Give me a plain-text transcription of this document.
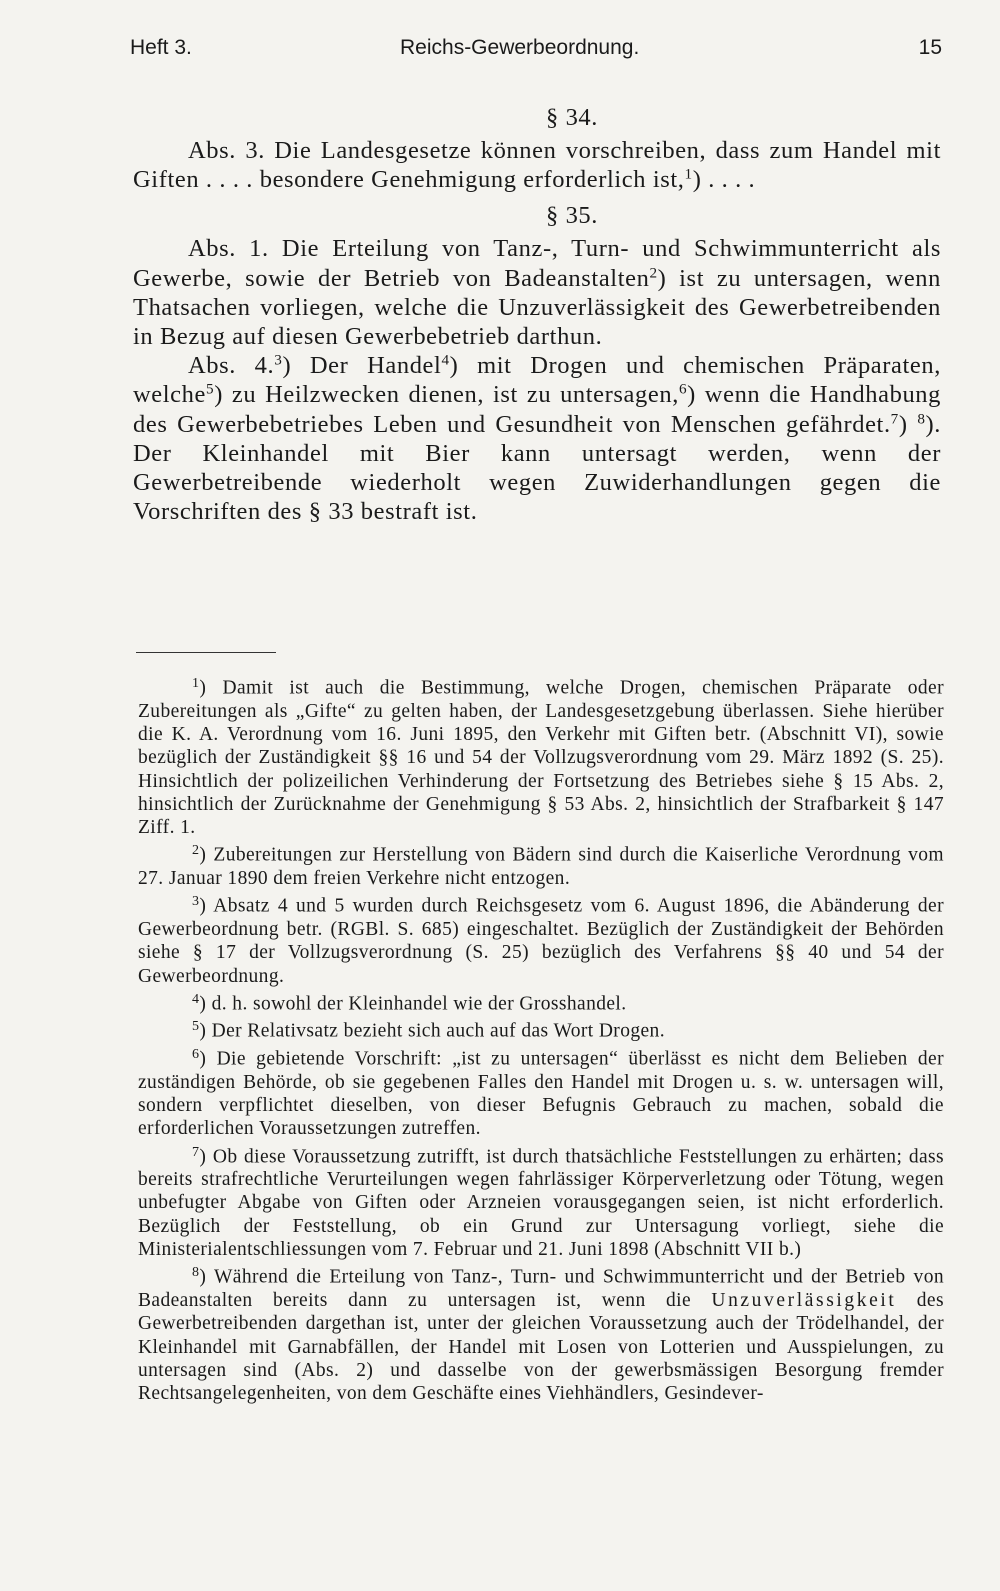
Heft 3.	Reichs-Gewerbeordnung.	15

§ 34.

Abs. 3. Die Landesgesetze können vorschreiben, dass zum Handel mit Giften . . . . besondere Genehmigung erforderlich ist,$^1$) . . . .

§ 35.

Abs. 1. Die Erteilung von Tanz-, Turn- und Schwimmunterricht als Gewerbe, sowie der Betrieb von Badeanstalten$^2$) ist zu untersagen, wenn Thatsachen vorliegen, welche die Unzuverlässigkeit des Gewerbetreibenden in Bezug auf diesen Gewerbebetrieb darthun.

Abs. 4.$^3$) Der Handel$^4$) mit Drogen und chemischen Präparaten, welche$^5$) zu Heilzwecken dienen, ist zu untersagen,$^6$) wenn die Handhabung des Gewerbebetriebes Leben und Gesundheit von Menschen gefährdet.$^7$) $^8$). Der Kleinhandel mit Bier kann untersagt werden, wenn der Gewerbetreibende wiederholt wegen Zuwiderhandlungen gegen die Vorschriften des § 33 bestraft ist.

$^1$) Damit ist auch die Bestimmung, welche Drogen, chemischen Präparate oder Zubereitungen als „Gifte“ zu gelten haben, der Landesgesetzgebung überlassen. Siehe hierüber die K. A. Verordnung vom 16. Juni 1895, den Verkehr mit Giften betr. (Abschnitt VI), sowie bezüglich der Zuständigkeit §§ 16 und 54 der Vollzugsverordnung vom 29. März 1892 (S. 25). Hinsichtlich der polizeilichen Verhinderung der Fortsetzung des Betriebes siehe § 15 Abs. 2, hinsichtlich der Zurücknahme der Genehmigung § 53 Abs. 2, hinsichtlich der Strafbarkeit § 147 Ziff. 1.

$^2$) Zubereitungen zur Herstellung von Bädern sind durch die Kaiserliche Verordnung vom 27. Januar 1890 dem freien Verkehre nicht entzogen.

$^3$) Absatz 4 und 5 wurden durch Reichsgesetz vom 6. August 1896, die Abänderung der Gewerbeordnung betr. (RGBl. S. 685) eingeschaltet. Bezüglich der Zuständigkeit der Behörden siehe § 17 der Vollzugsverordnung (S. 25) bezüglich des Verfahrens §§ 40 und 54 der Gewerbeordnung.

$^4$) d. h. sowohl der Kleinhandel wie der Grosshandel.

$^5$) Der Relativsatz bezieht sich auch auf das Wort Drogen.

$^6$) Die gebietende Vorschrift: „ist zu untersagen“ überlässt es nicht dem Belieben der zuständigen Behörde, ob sie gegebenen Falles den Handel mit Drogen u. s. w. untersagen will, sondern verpflichtet dieselben, von dieser Befugnis Gebrauch zu machen, sobald die erforderlichen Voraussetzungen zutreffen.

$^7$) Ob diese Voraussetzung zutrifft, ist durch thatsächliche Feststellungen zu erhärten; dass bereits strafrechtliche Verurteilungen wegen fahrlässiger Körperverletzung oder Tötung, wegen unbefugter Abgabe von Giften oder Arzneien vorausgegangen seien, ist nicht erforderlich. Bezüglich der Feststellung, ob ein Grund zur Untersagung vorliegt, siehe die Ministerialentschliessungen vom 7. Februar und 21. Juni 1898 (Abschnitt VII b.)

$^8$) Während die Erteilung von Tanz-, Turn- und Schwimmunterricht und der Betrieb von Badeanstalten bereits dann zu untersagen ist, wenn die Unzuverlässigkeit des Gewerbetreibenden dargethan ist, unter der gleichen Voraussetzung auch der Trödelhandel, der Kleinhandel mit Garnabfällen, der Handel mit Losen von Lotterien und Ausspielungen, zu untersagen sind (Abs. 2) und dasselbe von der gewerbsmässigen Besorgung fremder Rechtsangelegenheiten, von dem Geschäfte eines Viehhändlers, Gesindever-
